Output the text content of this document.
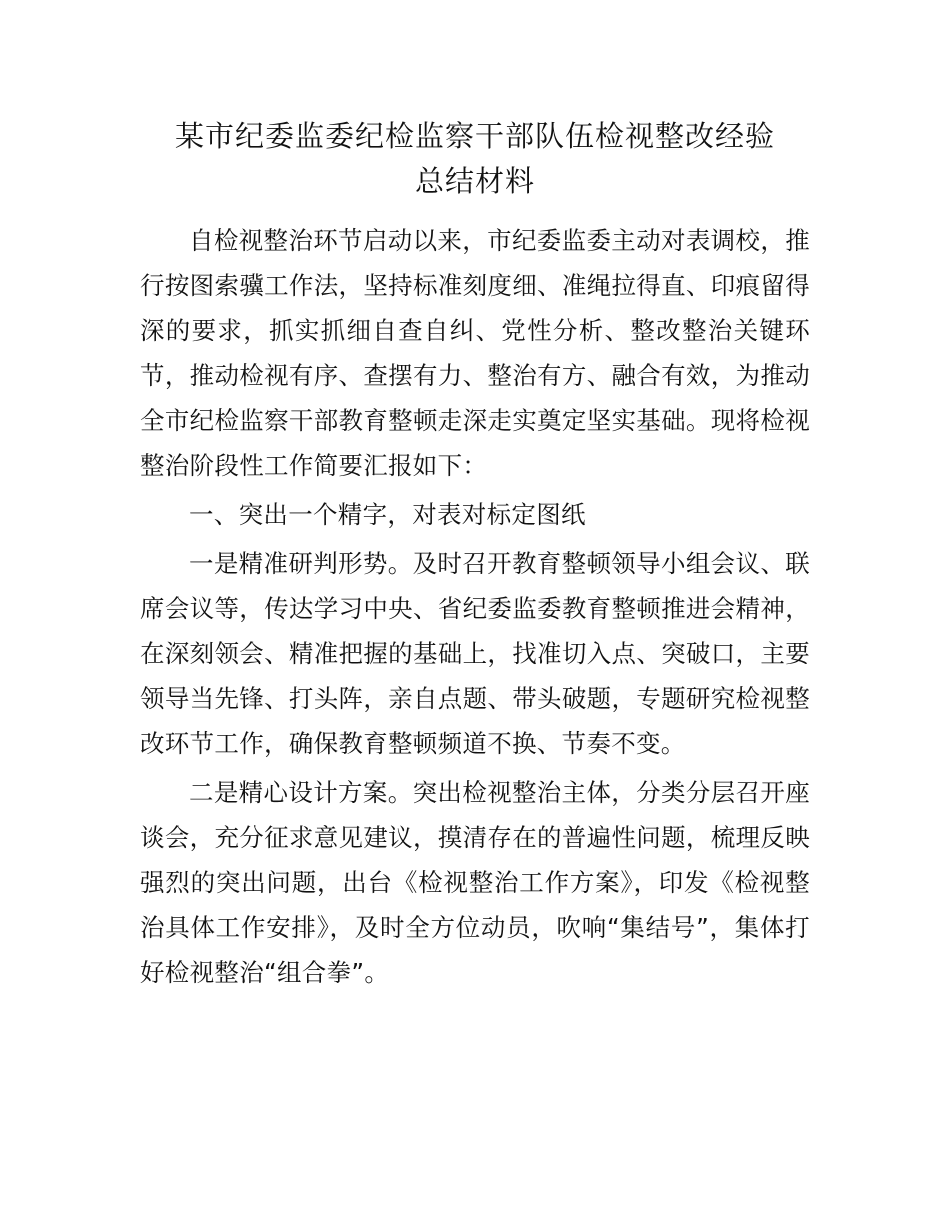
某市纪委监委纪检监察干部队伍检视整改经验
总结材料

自检视整治环节启动以来，市纪委监委主动对表调校，推行按图索骥工作法，坚持标准刻度细、准绳拉得直、印痕留得深的要求，抓实抓细自查自纠、党性分析、整改整治关键环节，推动检视有序、查摆有力、整治有方、融合有效，为推动全市纪检监察干部教育整顿走深走实奠定坚实基础。现将检视整治阶段性工作简要汇报如下：

一、突出一个精字，对表对标定图纸

一是精准研判形势。及时召开教育整顿领导小组会议、联席会议等，传达学习中央、省纪委监委教育整顿推进会精神，在深刻领会、精准把握的基础上，找准切入点、突破口，主要领导当先锋、打头阵，亲自点题、带头破题，专题研究检视整改环节工作，确保教育整顿频道不换、节奏不变。

二是精心设计方案。突出检视整治主体，分类分层召开座谈会，充分征求意见建议，摸清存在的普遍性问题，梳理反映强烈的突出问题，出台《检视整治工作方案》，印发《检视整治具体工作安排》，及时全方位动员，吹响“集结号”，集体打好检视整治“组合拳”。
